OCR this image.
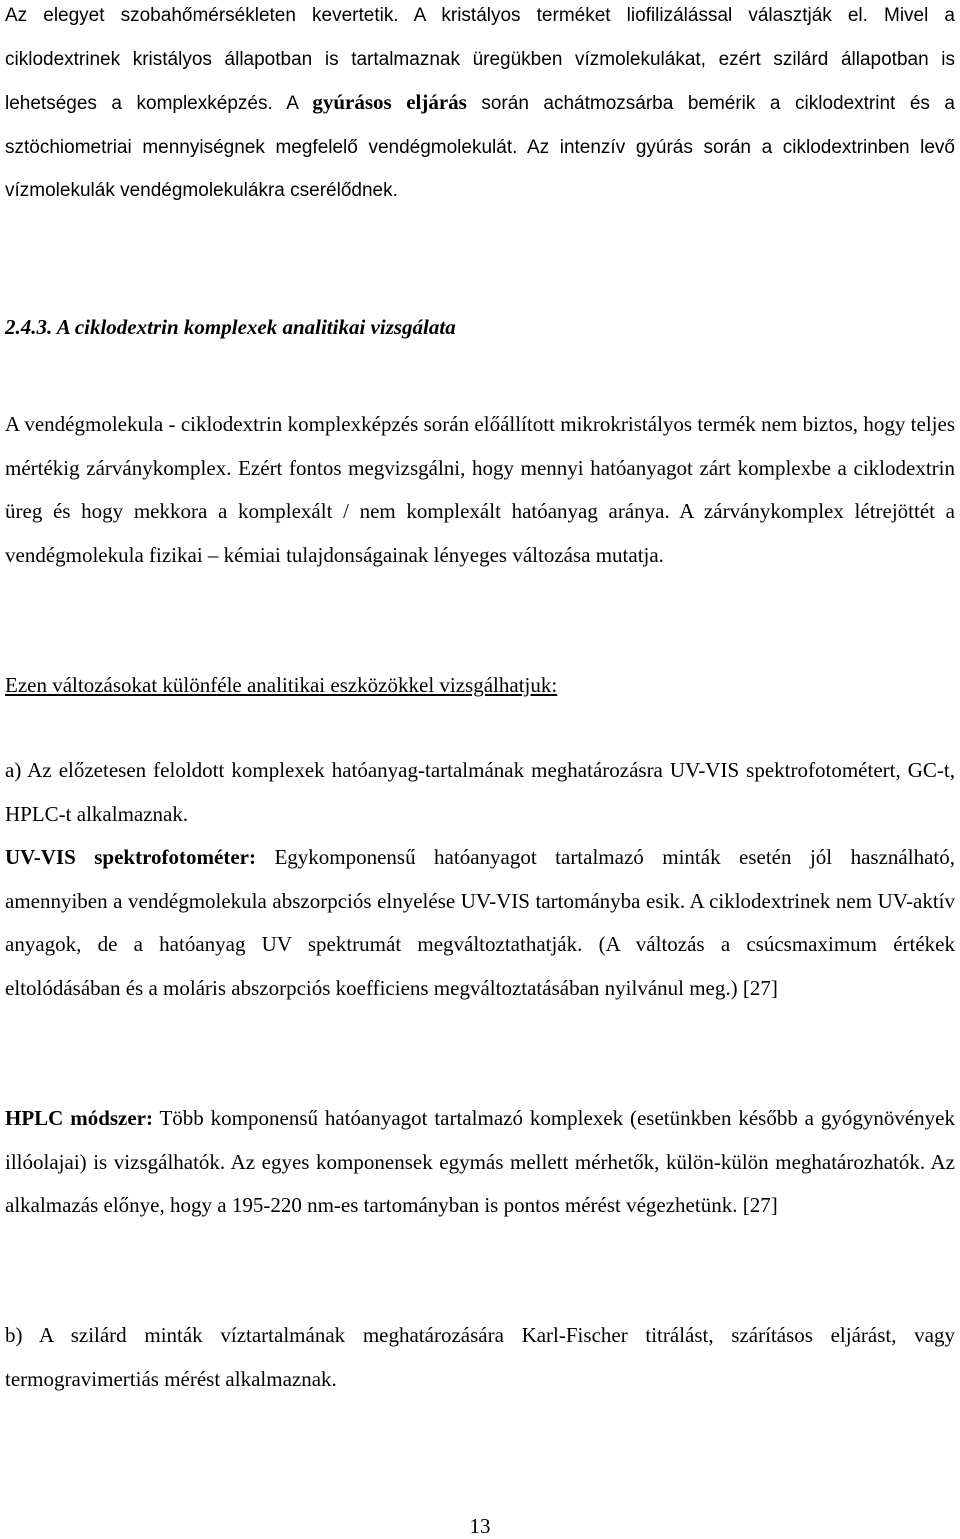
Az elegyet szobahőmérsékleten kevertetik. A kristályos terméket liofilizálással választják el. Mivel a ciklodextrinek kristályos állapotban is tartalmaznak üregükben vízmolekulákat, ezért szilárd állapotban is lehetséges a komplexképzés. A gyúrásos eljárás során achátmozsárba bemérik a ciklodextrint és a sztöchiometriai mennyiségnek megfelelő vendégmolekulát. Az intenzív gyúrás során a ciklodextrinben levő vízmolekulák vendégmolekulákra cserélődnek.

2.4.3. A ciklodextrin komplexek analitikai vizsgálata

A vendégmolekula - ciklodextrin komplexképzés során előállított mikrokristályos termék nem biztos, hogy teljes mértékig zárványkomplex. Ezért fontos megvizsgálni, hogy mennyi hatóanyagot zárt komplexbe a ciklodextrin üreg és hogy mekkora a komplexált / nem komplexált hatóanyag aránya. A zárványkomplex létrejöttét a vendégmolekula fizikai – kémiai tulajdonságainak lényeges változása mutatja.

Ezen változásokat különféle analitikai eszközökkel vizsgálhatjuk:

a) Az előzetesen feloldott komplexek hatóanyag-tartalmának meghatározásra UV-VIS spektrofotométert, GC-t, HPLC-t alkalmaznak.

UV-VIS spektrofotométer: Egykomponensű hatóanyagot tartalmazó minták esetén jól használható, amennyiben a vendégmolekula abszorpciós elnyelése UV-VIS tartományba esik. A ciklodextrinek nem UV-aktív anyagok, de a hatóanyag UV spektrumát megváltoztathatják. (A változás a csúcsmaximum értékek eltolódásában és a moláris abszorpciós koefficiens megváltoztatásában nyilvánul meg.) [27]

HPLC módszer: Több komponensű hatóanyagot tartalmazó komplexek (esetünkben később a gyógynövények illóolajai) is vizsgálhatók. Az egyes komponensek egymás mellett mérhetők, külön-külön meghatározhatók. Az alkalmazás előnye, hogy a 195-220 nm-es tartományban is pontos mérést végezhetünk. [27]

b) A szilárd minták víztartalmának meghatározására Karl-Fischer titrálást, szárításos eljárást, vagy termogravimertiás mérést alkalmaznak.

13
